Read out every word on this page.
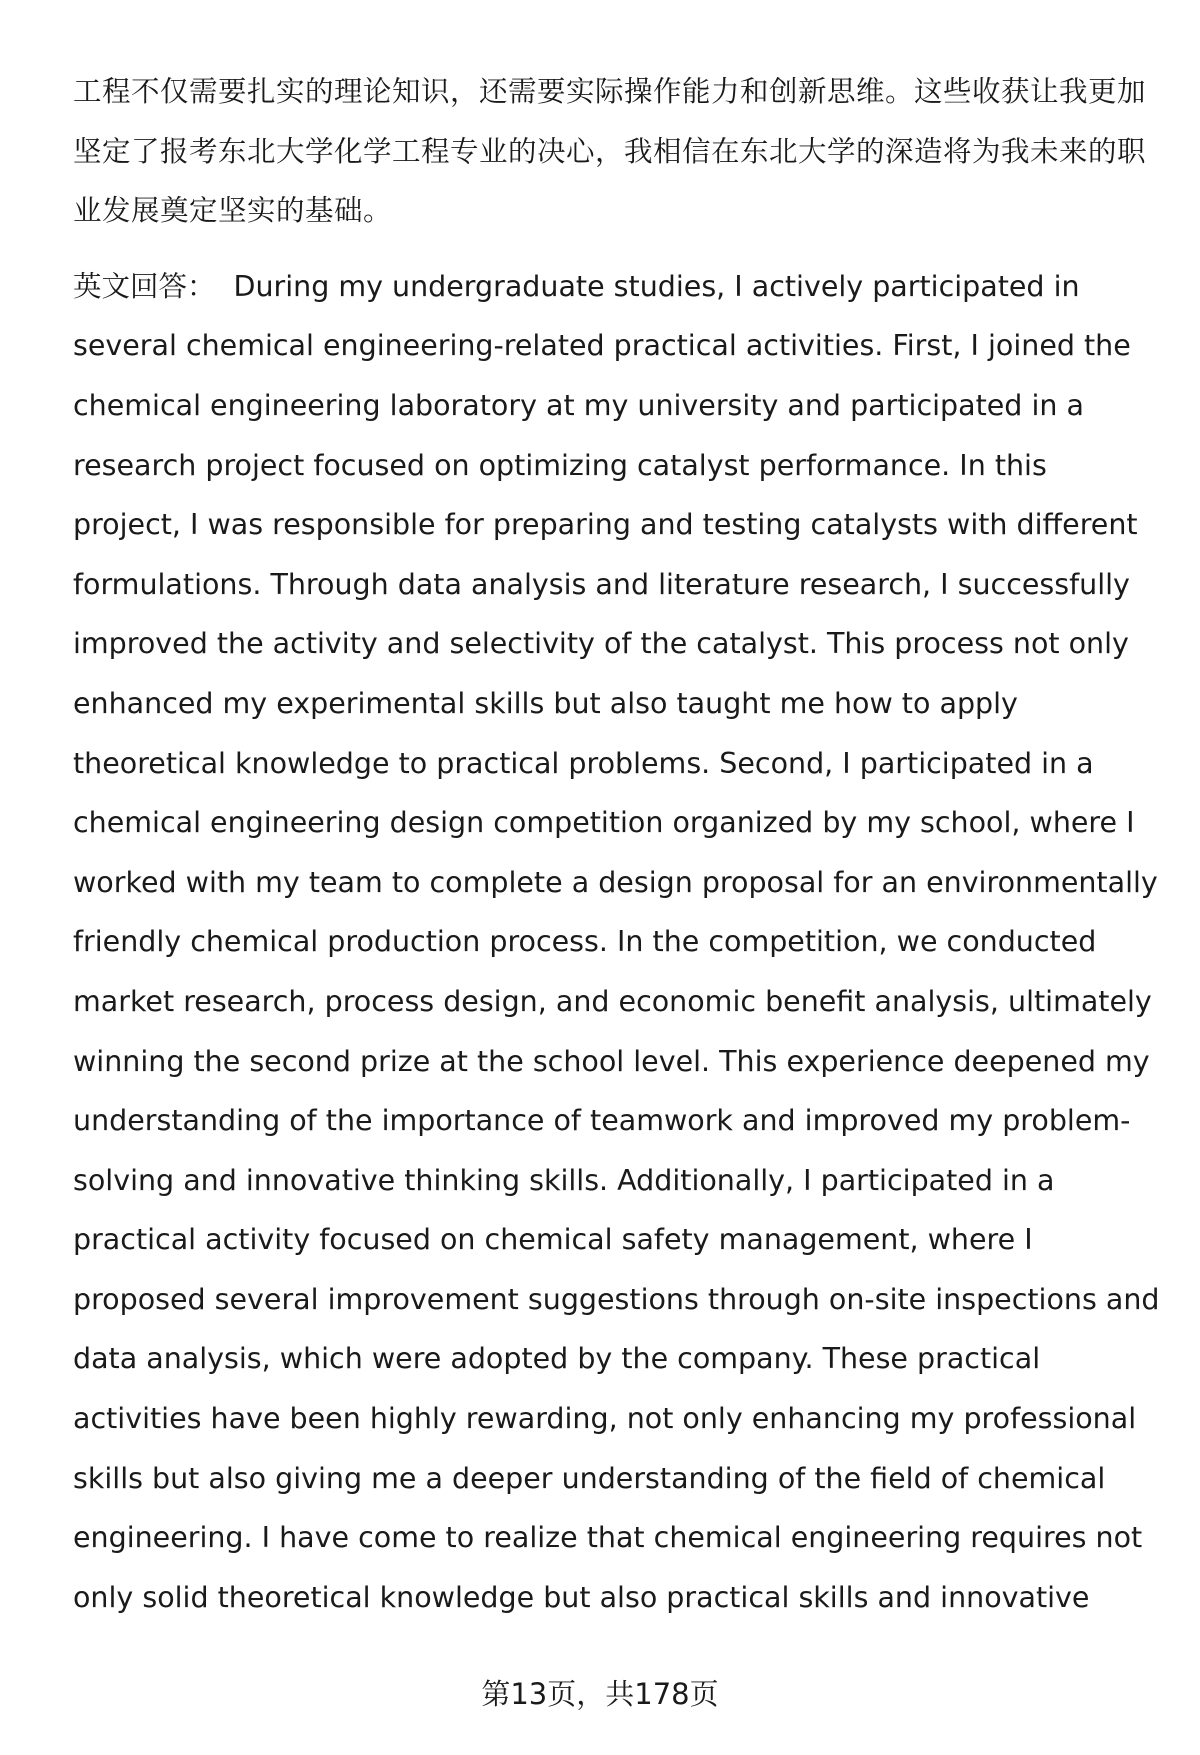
工程不仅需要扎实的理论知识，还需要实际操作能力和创新思维。这些收获让我更加坚定了报考东北大学化学工程专业的决心，我相信在东北大学的深造将为我未来的职业发展奠定坚实的基础。

英文回答： During my undergraduate studies, I actively participated in several chemical engineering-related practical activities. First, I joined the chemical engineering laboratory at my university and participated in a research project focused on optimizing catalyst performance. In this project, I was responsible for preparing and testing catalysts with different formulations. Through data analysis and literature research, I successfully improved the activity and selectivity of the catalyst. This process not only enhanced my experimental skills but also taught me how to apply theoretical knowledge to practical problems. Second, I participated in a chemical engineering design competition organized by my school, where I worked with my team to complete a design proposal for an environmentally friendly chemical production process. In the competition, we conducted market research, process design, and economic benefit analysis, ultimately winning the second prize at the school level. This experience deepened my understanding of the importance of teamwork and improved my problem-solving and innovative thinking skills. Additionally, I participated in a practical activity focused on chemical safety management, where I proposed several improvement suggestions through on-site inspections and data analysis, which were adopted by the company. These practical activities have been highly rewarding, not only enhancing my professional skills but also giving me a deeper understanding of the field of chemical engineering. I have come to realize that chemical engineering requires not only solid theoretical knowledge but also practical skills and innovative

第13页，共178页
